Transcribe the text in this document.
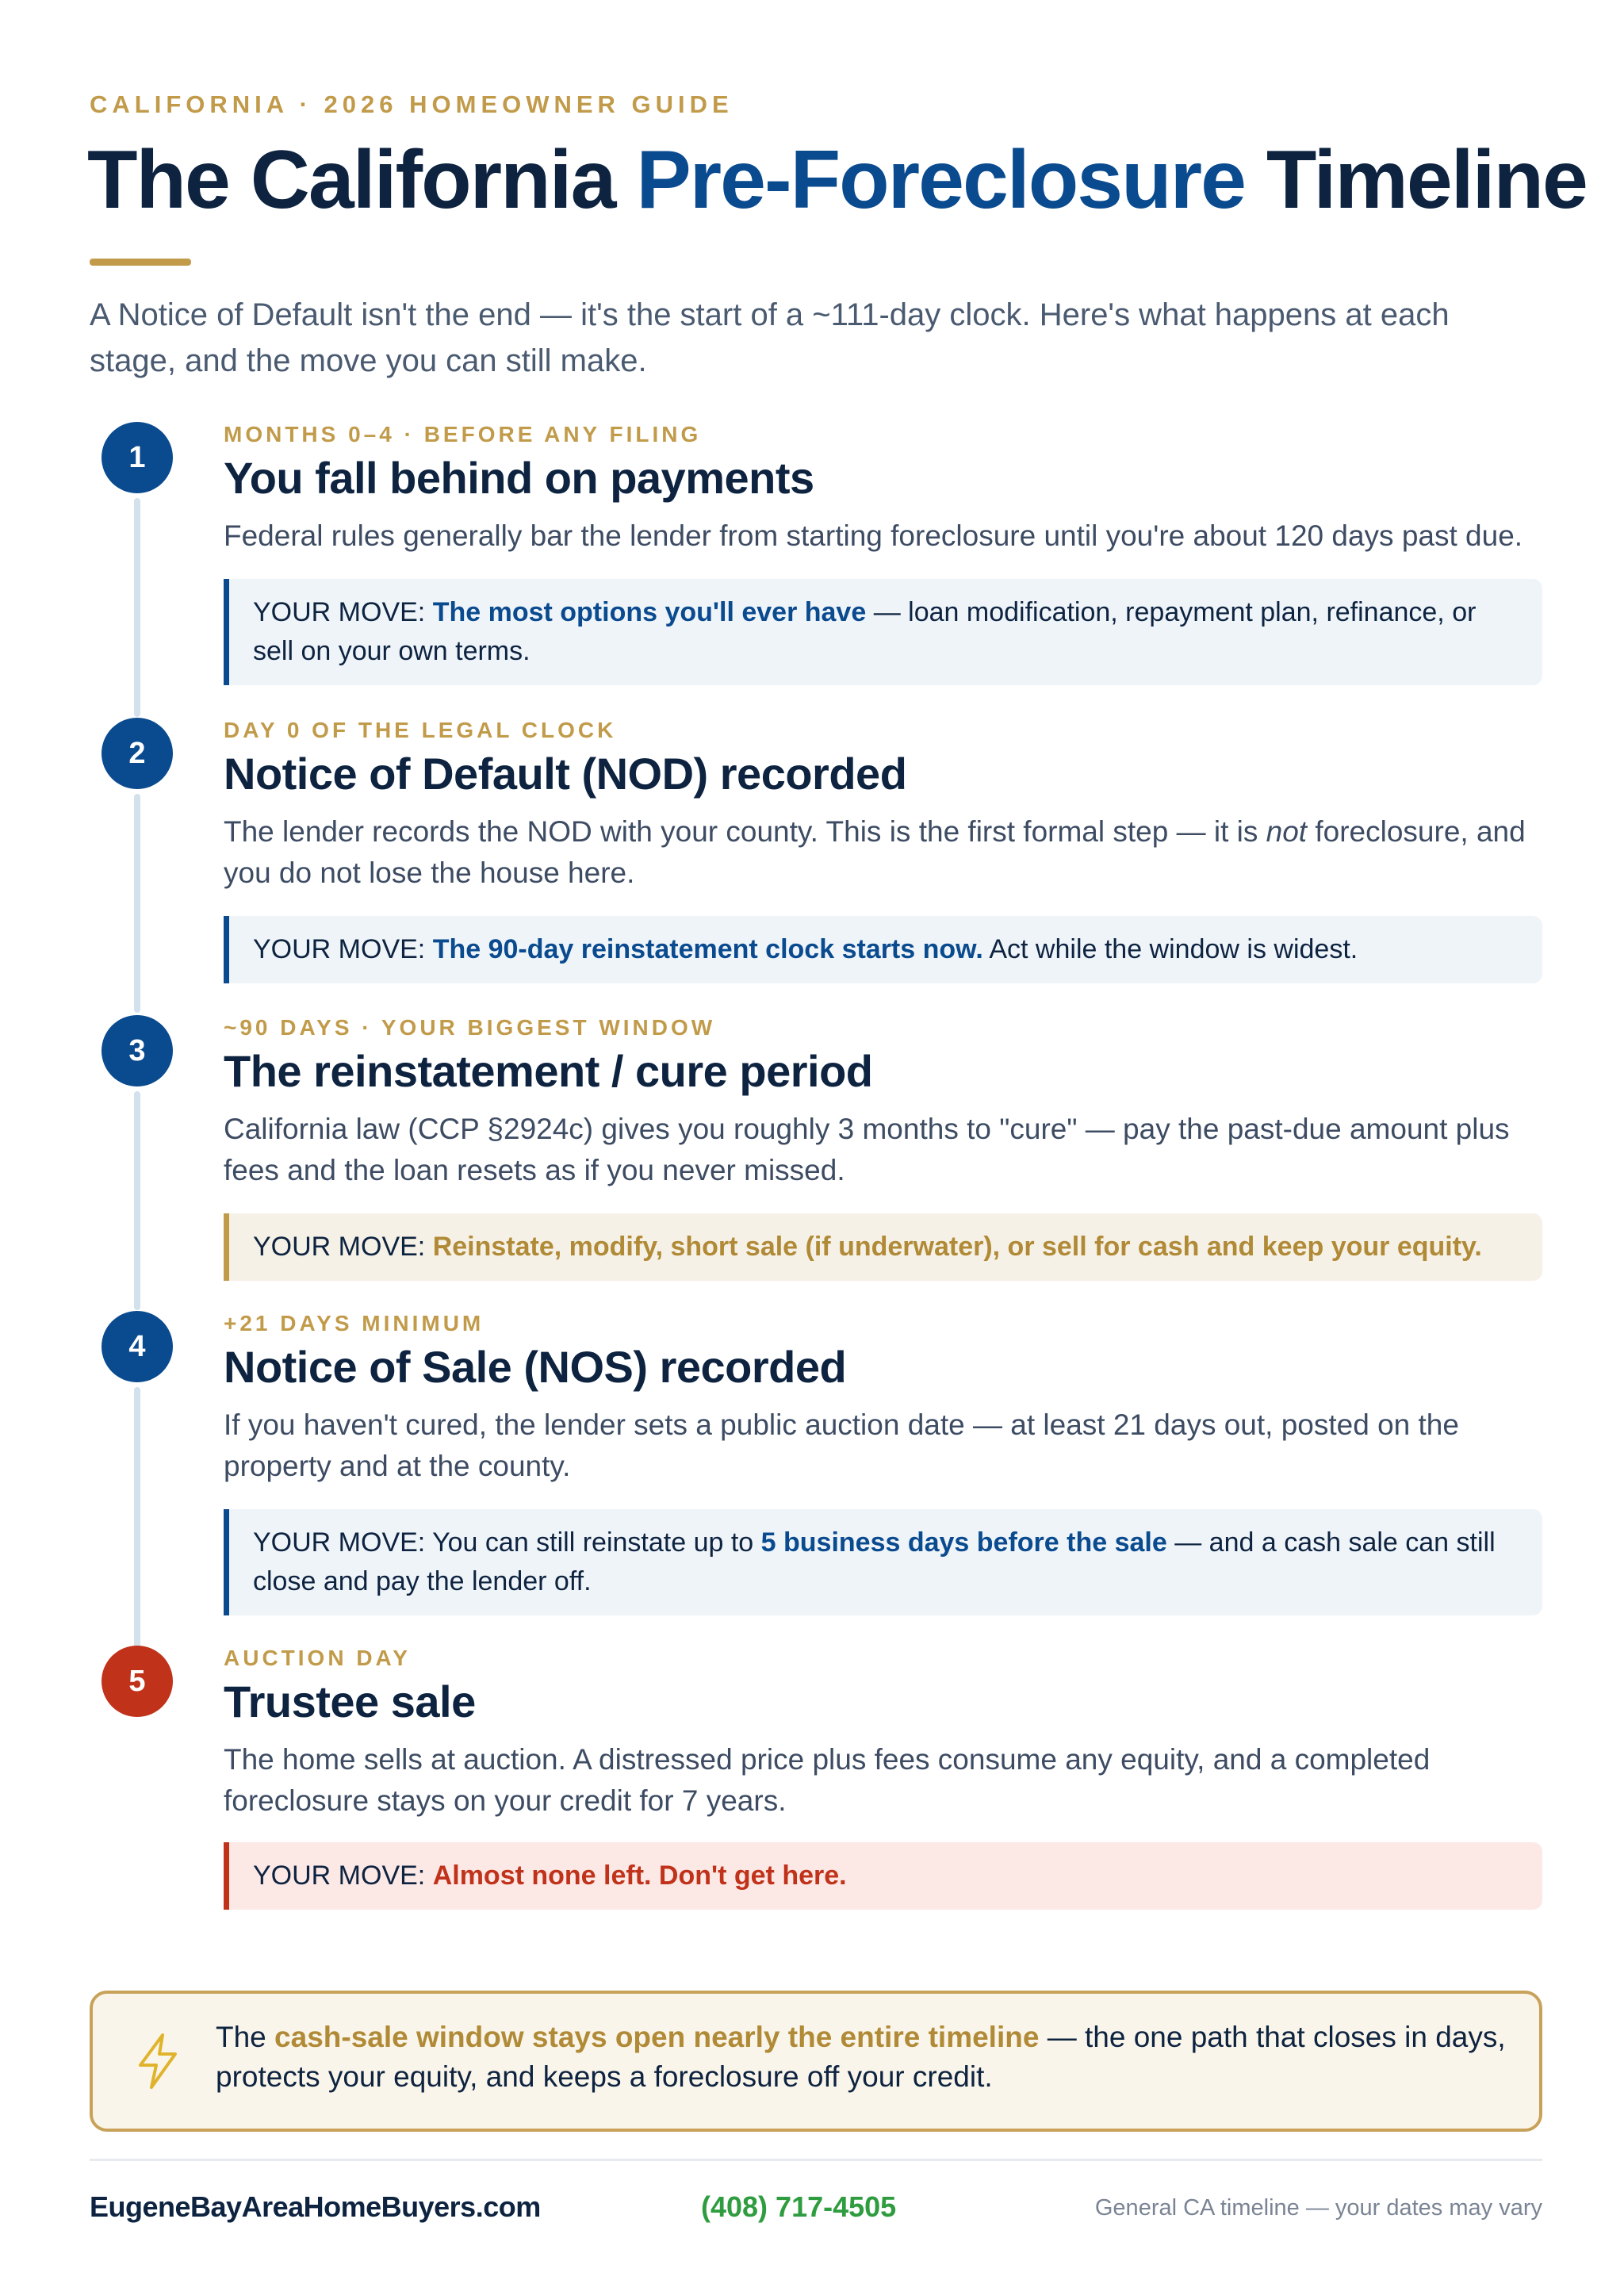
CALIFORNIA · 2026 HOMEOWNER GUIDE
The California Pre-Foreclosure Timeline

A Notice of Default isn't the end — it's the start of a ~111-day clock. Here's what happens at each stage, and the move you can still make.

1
MONTHS 0–4 · BEFORE ANY FILING
You fall behind on payments

Federal rules generally bar the lender from starting foreclosure until you're about 120 days past due.

YOUR MOVE: The most options you'll ever have — loan modification, repayment plan, refinance, or sell on your own terms.
2
DAY 0 OF THE LEGAL CLOCK
Notice of Default (NOD) recorded

The lender records the NOD with your county. This is the first formal step — it is not foreclosure, and you do not lose the house here.

YOUR MOVE: The 90-day reinstatement clock starts now. Act while the window is widest.
3
~90 DAYS · YOUR BIGGEST WINDOW
The reinstatement / cure period

California law (CCP §2924c) gives you roughly 3 months to "cure" — pay the past-due amount plus fees and the loan resets as if you never missed.

YOUR MOVE: Reinstate, modify, short sale (if underwater), or sell for cash and keep your equity.
4
+21 DAYS MINIMUM
Notice of Sale (NOS) recorded

If you haven't cured, the lender sets a public auction date — at least 21 days out, posted on the property and at the county.

YOUR MOVE: You can still reinstate up to 5 business days before the sale — and a cash sale can still close and pay the lender off.
5
AUCTION DAY
Trustee sale

The home sells at auction. A distressed price plus fees consume any equity, and a completed foreclosure stays on your credit for 7 years.

YOUR MOVE: Almost none left. Don't get here.
The cash-sale window stays open nearly the entire timeline — the one path that closes in days, protects your equity, and keeps a foreclosure off your credit.
EugeneBayAreaHomeBuyers.com	(408) 717-4505	General CA timeline — your dates may vary
